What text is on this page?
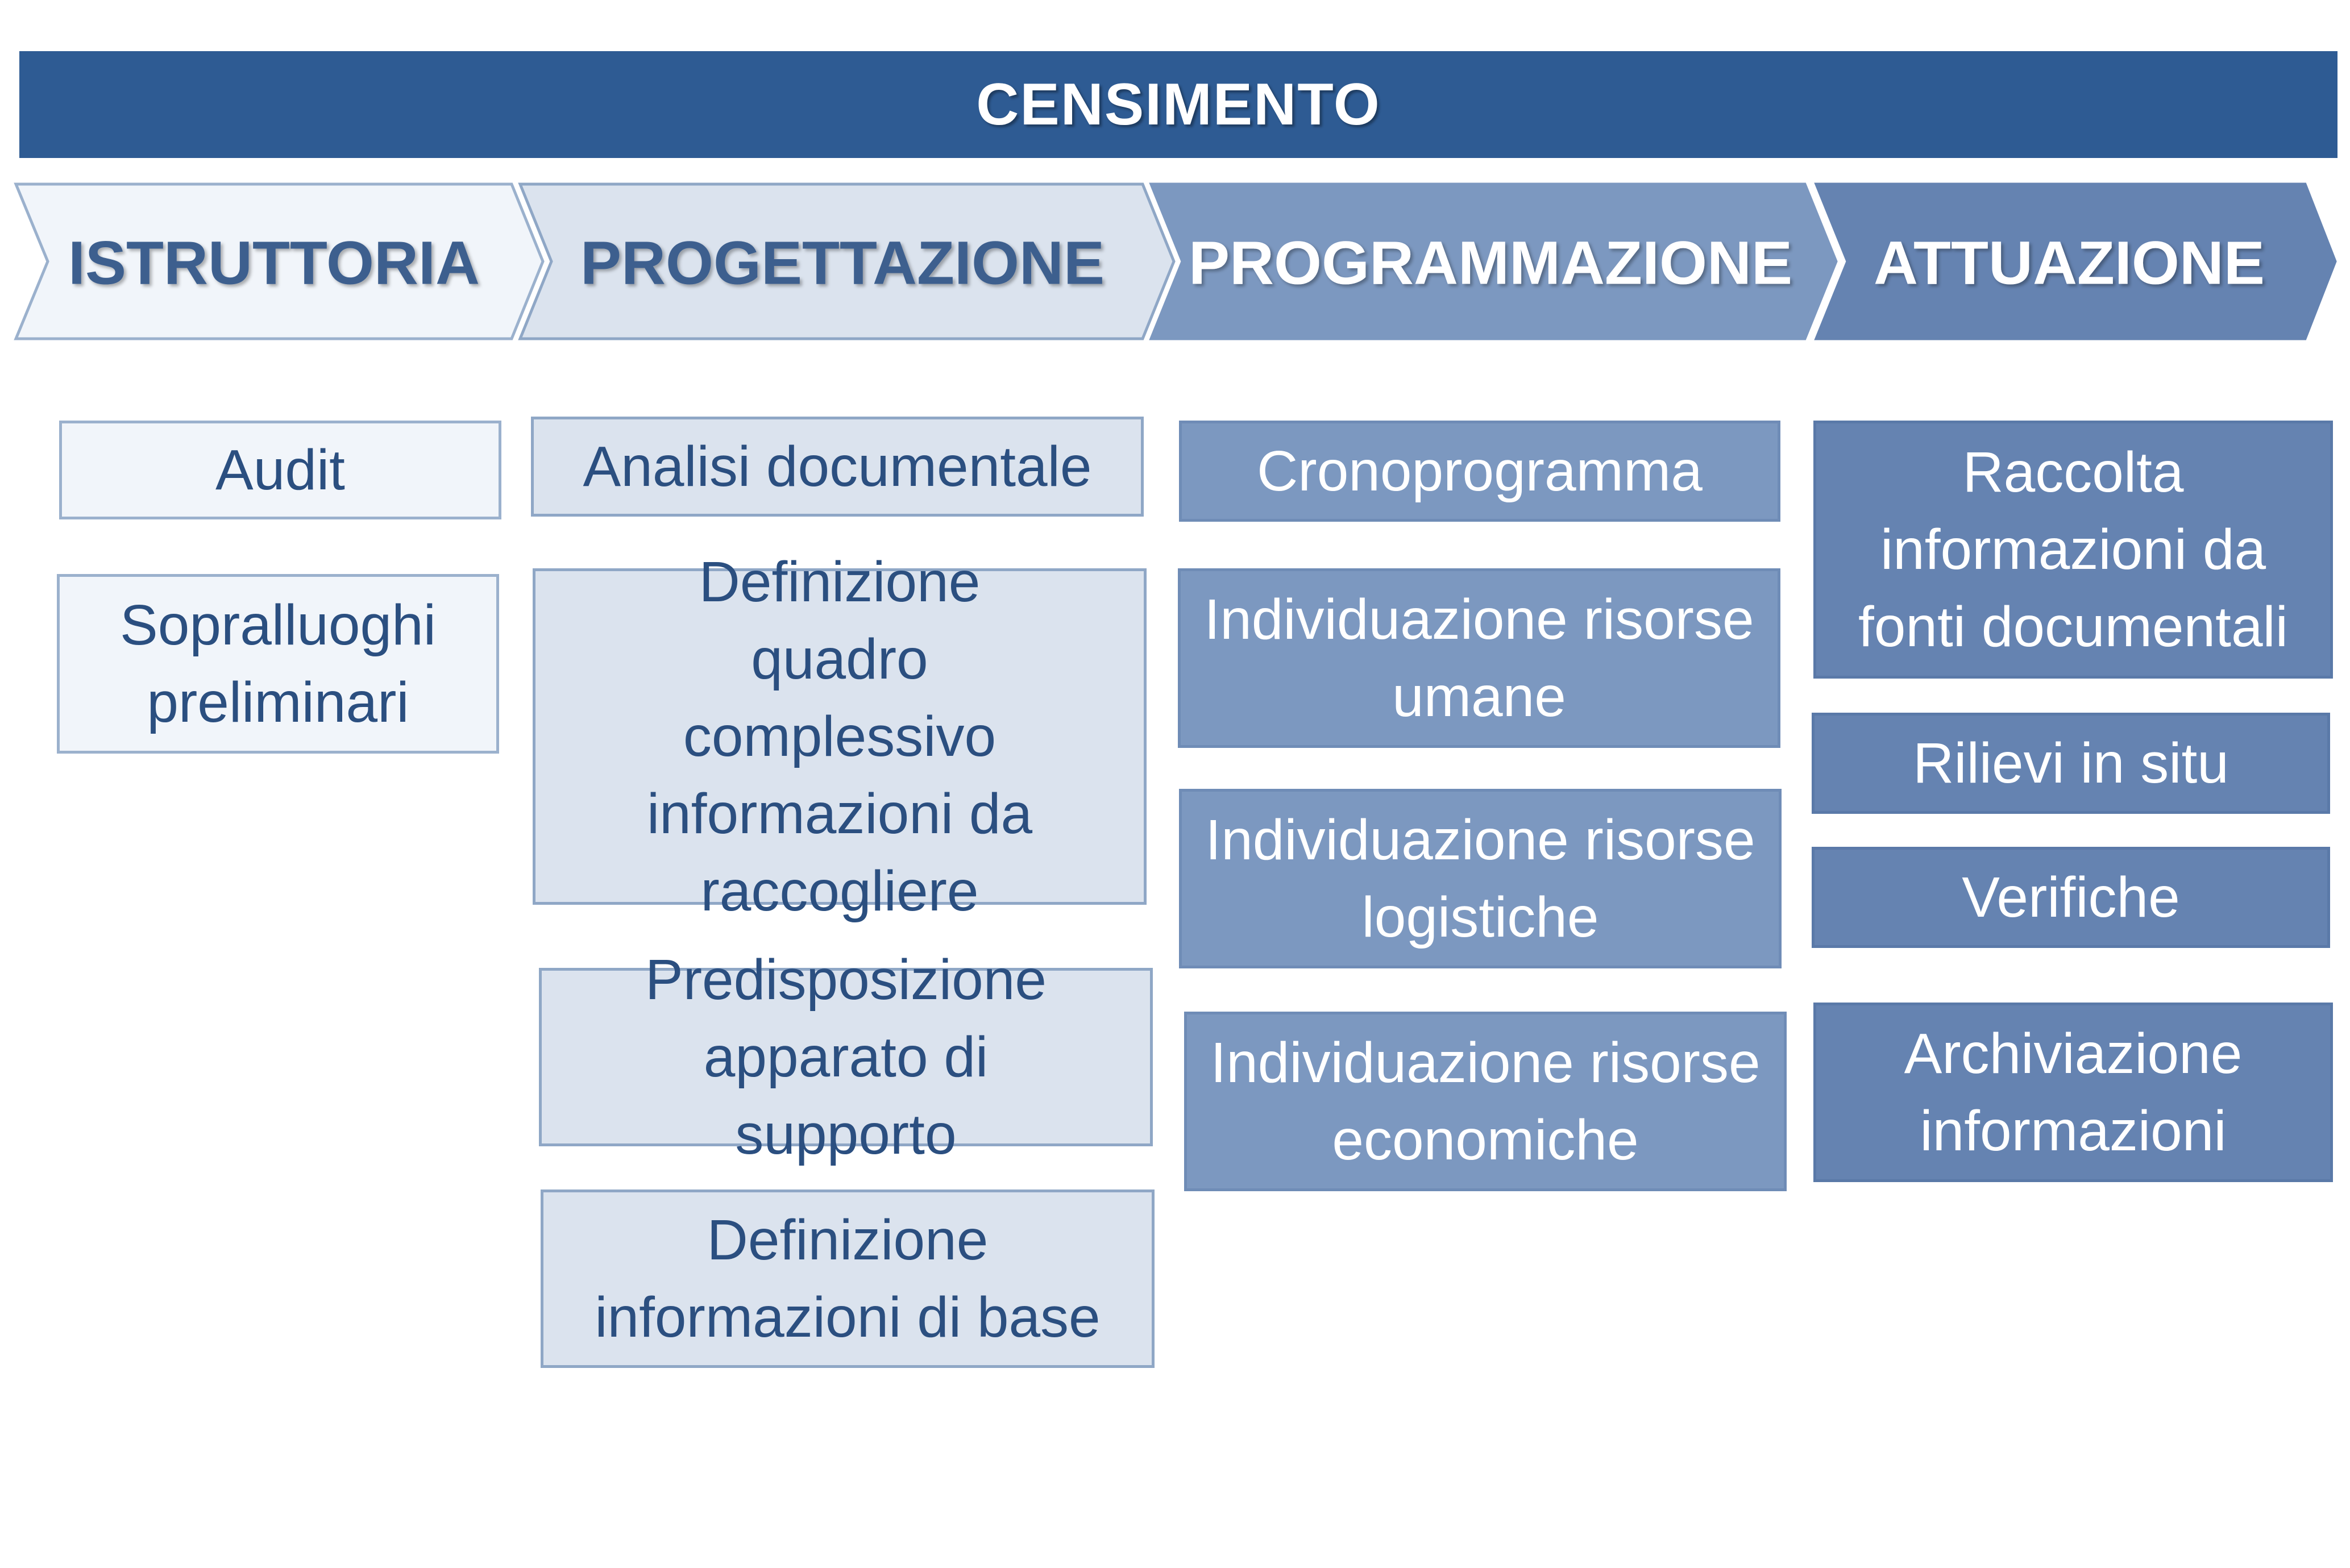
CENSIMENTO
ISTRUTTORIA PROGETTAZIONE PROGRAMMAZIONE ATTUAZIONE
Audit
Sopralluoghi preliminari
Analisi documentale
Definizione quadro complessivo informazioni da raccogliere
Predisposizione apparato di supporto
Definizione informazioni di base
Cronoprogramma
Individuazione risorse umane
Individuazione risorse logistiche
Individuazione risorse economiche
Raccolta informazioni da fonti documentali
Rilievi in situ
Verifiche
Archiviazione informazioni
